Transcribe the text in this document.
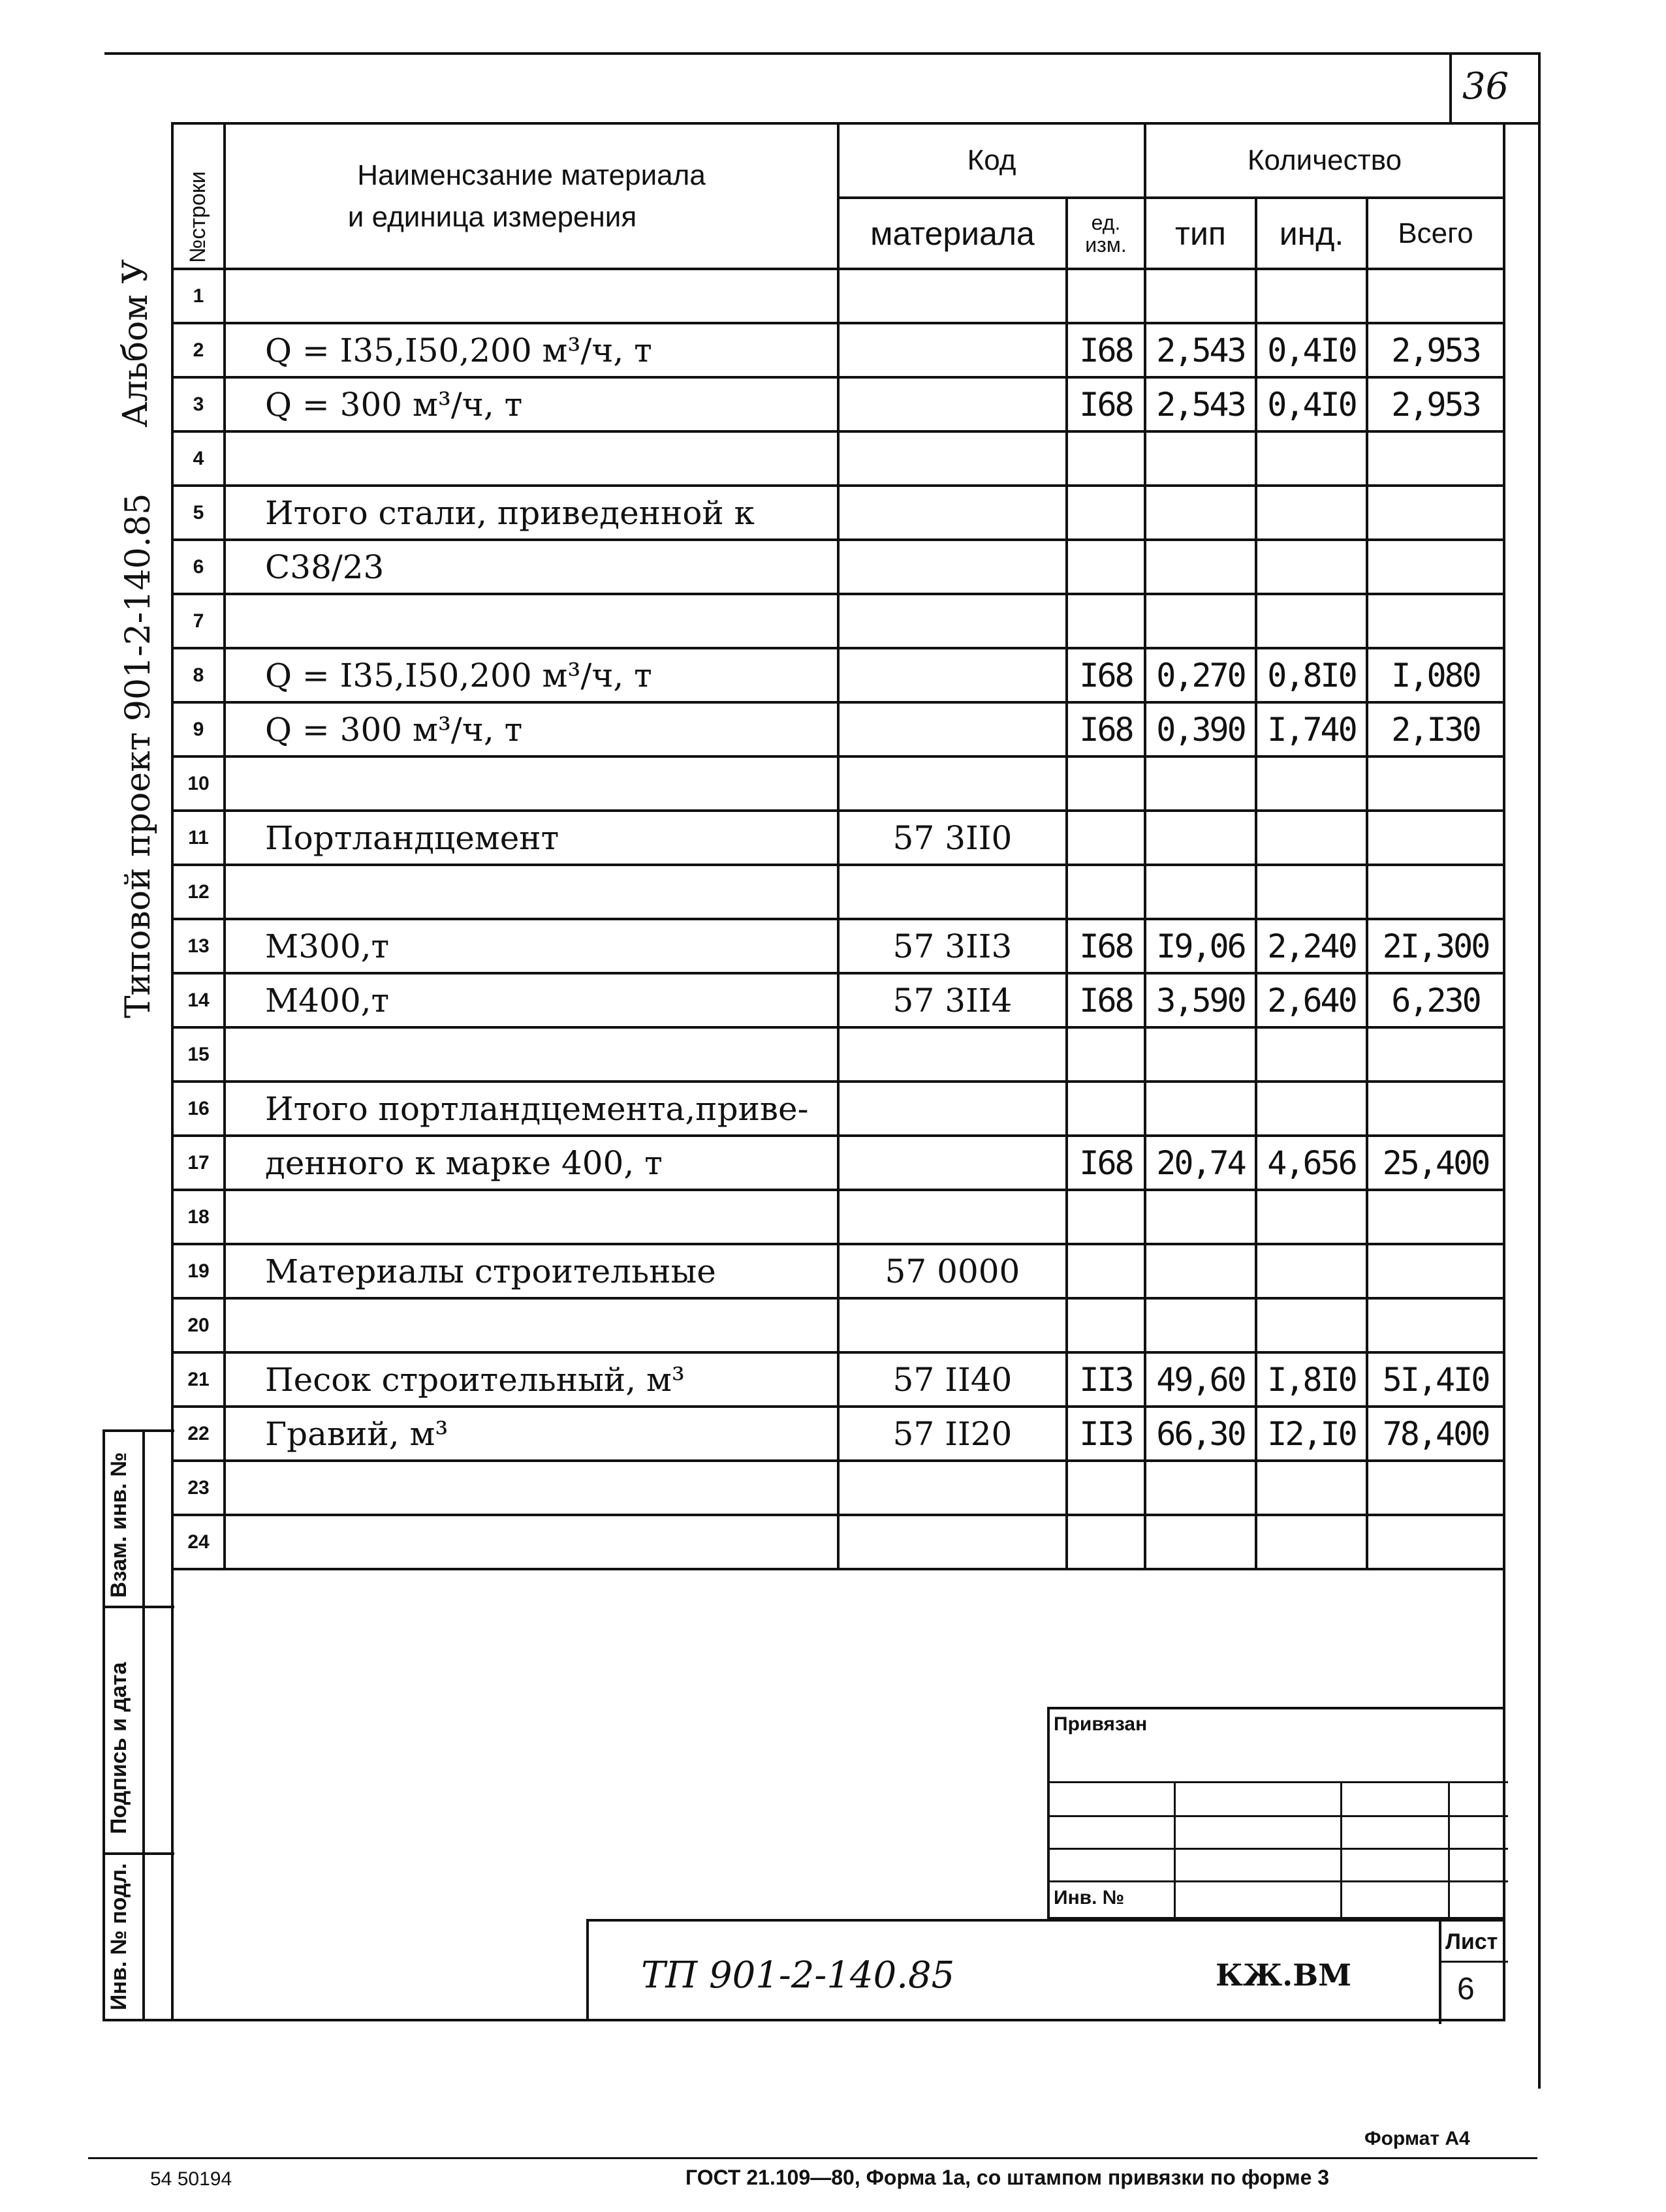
36
№строки	Наименсзание материала
и единица измерения	Код		Количество		
		материала	ед. изм.	тип	инд.	Всего
1						
2	Q = I35,I50,200 м³/ч, т		I68	2,543	0,4I0	2,953
3	Q = 300 м³/ч, т		I68	2,543	0,4I0	2,953
4						
5	Итого стали, приведенной к					
6	С38/23					
7						
8	Q = I35,I50,200 м³/ч, т		I68	0,270	0,8I0	I,080
9	Q = 300 м³/ч, т		I68	0,390	I,740	2,I30
10						
11	Портландцемент	57 3II0				
12						
13	М300,т	57 3II3	I68	I9,06	2,240	2I,300
14	М400,т	57 3II4	I68	3,590	2,640	6,230
15						
16	Итого портландцемента,приве-					
17	денного к марке 400, т		I68	20,74	4,656	25,400
18						
19	Материалы строительные	57 0000				
20						
21	Песок строительный, м³	57 II40	II3	49,60	I,8I0	5I,4I0
22	Гравий, м³	57 II20	II3	66,30	I2,I0	78,400
23						
24						
Альбом У
Типовой проект 901-2-140.85
Взам. инв. №
Подпись и дата
Инв. № подл.
Привязан
Инв. №
ТП 901-2-140.85	КЖ.ВМ
Лист
6
Формат А4
54 50194	ГОСТ 21.109—80, Форма 1а, со штампом привязки по форме 3
